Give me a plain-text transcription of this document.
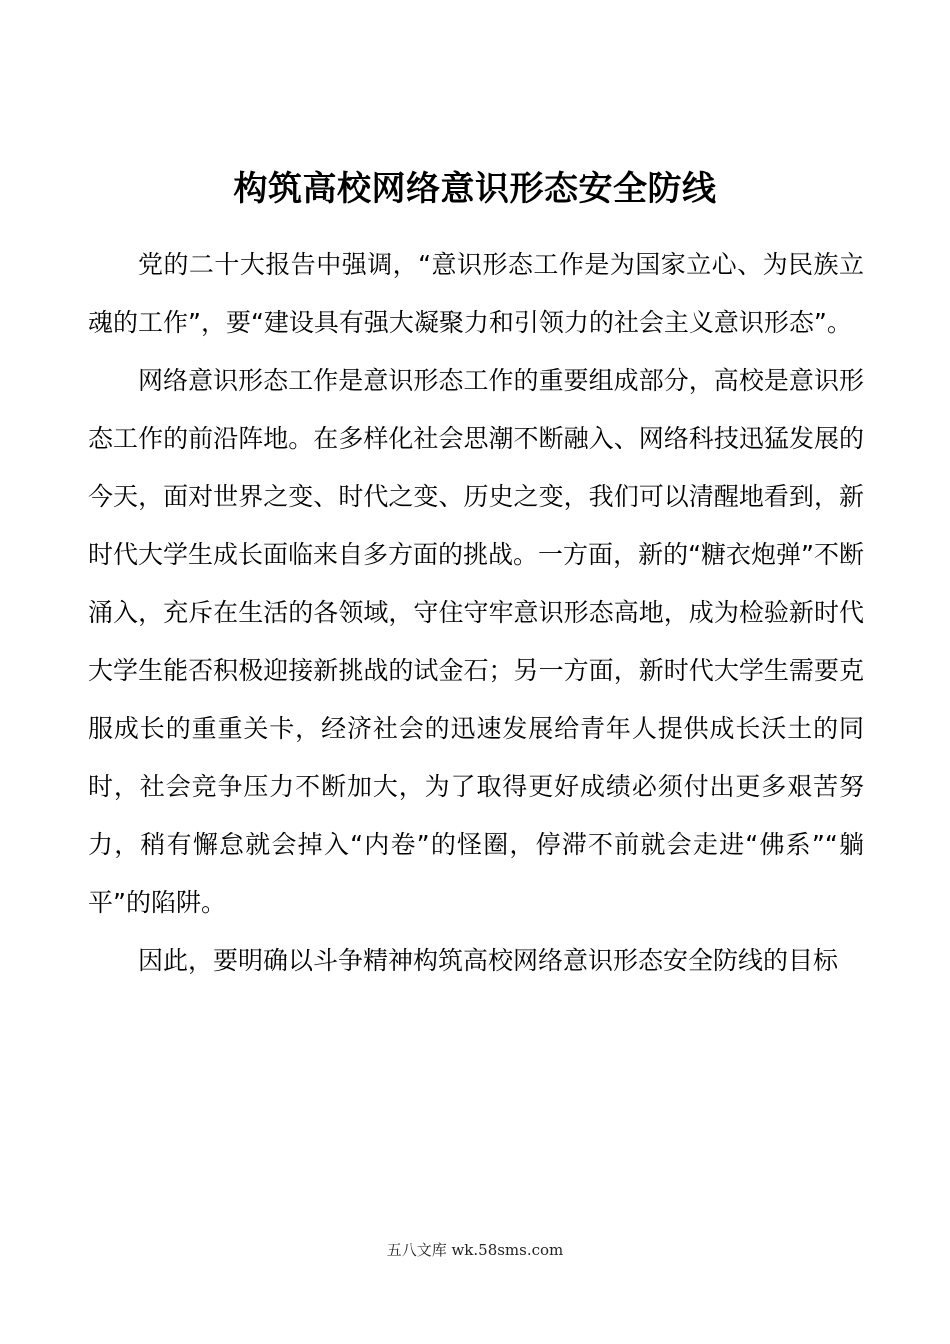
构筑高校网络意识形态安全防线

党的二十大报告中强调，“意识形态工作是为国家立心、为民族立魂的工作”，要“建设具有强大凝聚力和引领力的社会主义意识形态”。

网络意识形态工作是意识形态工作的重要组成部分，高校是意识形态工作的前沿阵地。在多样化社会思潮不断融入、网络科技迅猛发展的今天，面对世界之变、时代之变、历史之变，我们可以清醒地看到，新时代大学生成长面临来自多方面的挑战。一方面，新的“糖衣炮弹”不断涌入，充斥在生活的各领域，守住守牢意识形态高地，成为检验新时代大学生能否积极迎接新挑战的试金石；另一方面，新时代大学生需要克服成长的重重关卡，经济社会的迅速发展给青年人提供成长沃土的同时，社会竞争压力不断加大，为了取得更好成绩必须付出更多艰苦努力，稍有懈怠就会掉入“内卷”的怪圈，停滞不前就会走进“佛系”“躺平”的陷阱。

因此，要明确以斗争精神构筑高校网络意识形态安全防线的目标

五八文库 wk.58sms.com
